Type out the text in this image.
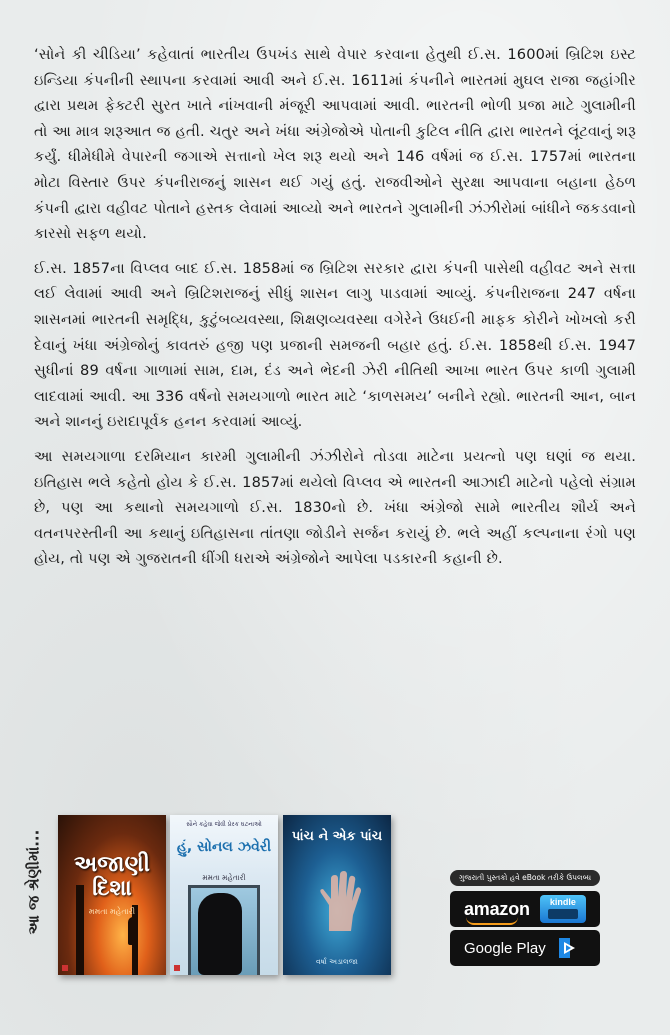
‘સોને કી ચીડિયા’ કહેવાતાં ભારતીય ઉપખંડ સાથે વેપાર કરવાના હેતુથી ઈ.સ. 1600માં બ્રિટિશ ઇસ્ટ ઇન્ડિયા કંપનીની સ્થાપના કરવામાં આવી અને ઈ.સ. 1611માં કંપનીને ભારતમાં મુઘલ રાજા જહાંગીર દ્વારા પ્રથમ ફેક્ટરી સુરત ખાતે નાંખવાની મંજૂરી આપવામાં આવી. ભારતની ભોળી પ્રજા માટે ગુલામીની તો આ માત્ર શરૂઆત જ હતી. ચતુર અને ખંધા અંગ્રેજોએ પોતાની કુટિલ નીતિ દ્વારા ભારતને લૂંટવાનું શરૂ કર્યું. ધીમેધીમે વેપારની જગાએ સત્તાનો ખેલ શરૂ થયો અને 146 વર્ષમાં જ ઈ.સ. 1757માં ભારતના મોટા વિસ્તાર ઉપર કંપનીરાજનું શાસન થઈ ગયું હતું. રાજવીઓને સુરક્ષા આપવાના બહાના હેઠળ કંપની દ્વારા વહીવટ પોતાને હસ્તક લેવામાં આવ્યો અને ભારતને ગુલામીની ઝંઝીરોમાં બાંધીને જકડવાનો કારસો સફળ થયો.

ઈ.સ. 1857ના વિપ્લવ બાદ ઈ.સ. 1858માં જ બ્રિટિશ સરકાર દ્વારા કંપની પાસેથી વહીવટ અને સત્તા લઈ લેવામાં આવી અને બ્રિટિશરાજનું સીધું શાસન લાગુ પાડવામાં આવ્યું. કંપનીરાજના 247 વર્ષના શાસનમાં ભારતની સમૃદ્ધિ, કુટુંબવ્યવસ્થા, શિક્ષણવ્યવસ્થા વગેરેને ઉધઈની માફક કોરીને ખોખલો કરી દેવાનું ખંધા અંગ્રેજોનું કાવતરું હજી પણ પ્રજાની સમજની બહાર હતું. ઈ.સ. 1858થી ઈ.સ. 1947 સુધીનાં 89 વર્ષના ગાળામાં સામ, દામ, દંડ અને ભેદની ઝેરી નીતિથી આખા ભારત ઉપર કાળી ગુલામી લાદવામાં આવી. આ 336 વર્ષનો સમયગાળો ભારત માટે ‘કાળસમય’ બનીને રહ્યો. ભારતની આન, બાન અને શાનનું ઇરાદાપૂર્વક હનન કરવામાં આવ્યું.

આ સમયગાળા દરમિયાન કારમી ગુલામીની ઝંઝીરોને તોડવા માટેના પ્રયત્નો પણ ઘણાં જ થયા. ઇતિહાસ ભલે કહેતો હોય કે ઈ.સ. 1857માં થયેલો વિપ્લવ એ ભારતની આઝાદી માટેનો પહેલો સંગ્રામ છે, પણ આ કથાનો સમયગાળો ઈ.સ. 1830નો છે. ખંધા અંગ્રેજો સામે ભારતીય શૌર્ય અને વતનપરસ્તીની આ કથાનું ઇતિહાસના તાંતણા જોડીને સર્જન કરાયું છે. ભલે અહીં કલ્પનાના રંગો પણ હોય, તો પણ એ ગુજરાતની ધીંગી ધરાએ અંગ્રેજોને આપેલા પડકારની કહાની છે.

આ જ શ્રેણીમાં...	અજાણી દિશા
મમતા મહેતારી
સૌને કહેવા જેવી પ્રેરક ઘટનાઓ
હું, સોનલ ઝવેરી
મમતા મહેતારી
પાંચ ને એક પાંચ
વર્ષા અડાલજા
ગુજરાતી પુસ્તકો હવે eBook તરીકે ઉપલબ્ધ
amazon	kindle
Google Play
